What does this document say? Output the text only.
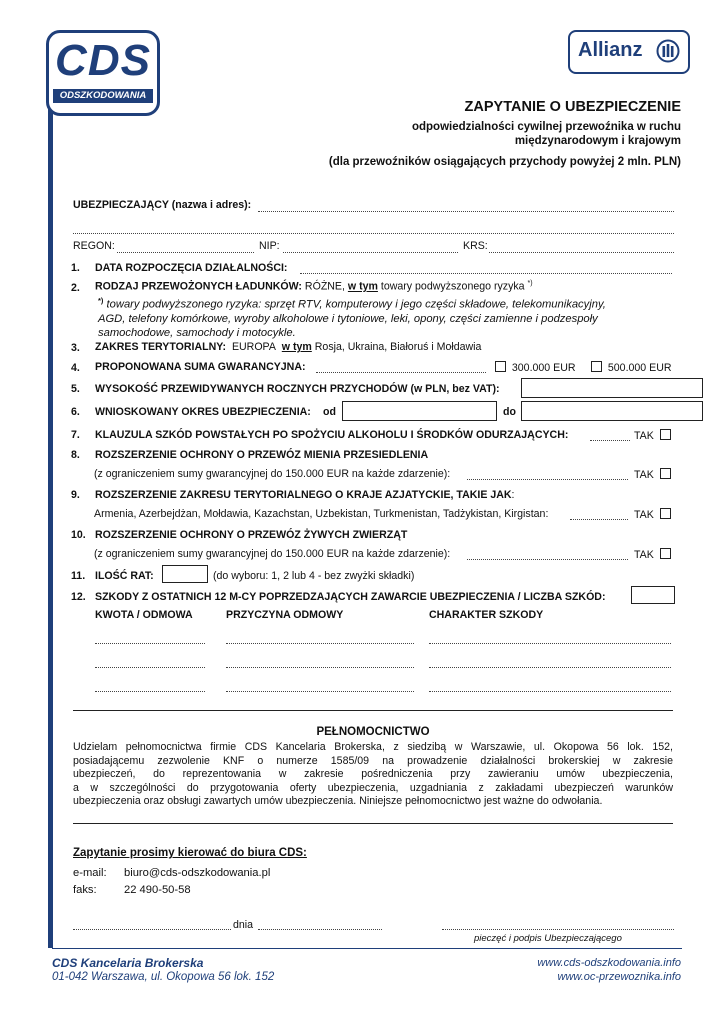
CDS
ODSZKODOWANIA
Allianz
ZAPYTANIE O UBEZPIECZENIE
odpowiedzialności cywilnej przewoźnika w ruchu
międzynarodowym i krajowym
(dla przewoźników osiągających przychody powyżej 2 mln. PLN)
UBEZPIECZAJĄCY (nazwa i adres):
REGON:	NIP:	KRS:
1. DATA ROZPOCZĘCIA DZIAŁALNOŚCI:
2. RODZAJ PRZEWOŻONYCH ŁADUNKÓW: RÓŻNE, w tym towary podwyższonego ryzyka *)
*) towary podwyższonego ryzyka: sprzęt RTV, komputerowy i jego części składowe, telekomunikacyjny,
AGD, telefony komórkowe, wyroby alkoholowe i tytoniowe, leki, opony, części zamienne i podzespoły
samochodowe, samochody i motocykle.
3. ZAKRES TERYTORIALNY: EUROPA w tym Rosja, Ukraina, Białoruś i Mołdawia
4. PROPONOWANA SUMA GWARANCYJNA:	300.000 EUR	500.000 EUR
5. WYSOKOŚĆ PRZEWIDYWANYCH ROCZNYCH PRZYCHODÓW (w PLN, bez VAT):
6. WNIOSKOWANY OKRES UBEZPIECZENIA: od	do
7. KLAUZULA SZKÓD POWSTAŁYCH PO SPOŻYCIU ALKOHOLU I ŚRODKÓW ODURZAJĄCYCH:	TAK
8. ROZSZERZENIE OCHRONY O PRZEWÓZ MIENIA PRZESIEDLENIA
(z ograniczeniem sumy gwarancyjnej do 150.000 EUR na każde zdarzenie):	TAK
9. ROZSZERZENIE ZAKRESU TERYTORIALNEGO O KRAJE AZJATYCKIE, TAKIE JAK:
Armenia, Azerbejdżan, Mołdawia, Kazachstan, Uzbekistan, Turkmenistan, Tadżykistan, Kirgistan:	TAK
10. ROZSZERZENIE OCHRONY O PRZEWÓZ ŻYWYCH ZWIERZĄT
(z ograniczeniem sumy gwarancyjnej do 150.000 EUR na każde zdarzenie):	TAK
11. ILOŚĆ RAT:	(do wyboru: 1, 2 lub 4 - bez zwyżki składki)
12. SZKODY Z OSTATNICH 12 M-CY POPRZEDZAJĄCYCH ZAWARCIE UBEZPIECZENIA / LICZBA SZKÓD:
KWOTA / ODMOWA	PRZYCZYNA ODMOWY	CHARAKTER SZKODY
PEŁNOMOCNICTWO
Udzielam pełnomocnictwa firmie CDS Kancelaria Brokerska, z siedzibą w Warszawie, ul. Okopowa 56 lok. 152,
posiadającemu zezwolenie KNF o numerze 1585/09 na prowadzenie działalności brokerskiej w zakresie
ubezpieczeń, do reprezentowania w zakresie pośredniczenia przy zawieraniu umów ubezpieczenia,
a w szczególności do przygotowania oferty ubezpieczenia, uzgadniania z zakładami ubezpieczeń warunków
ubezpieczenia oraz obsługi zawartych umów ubezpieczenia. Niniejsze pełnomocnictwo jest ważne do odwołania.
Zapytanie prosimy kierować do biura CDS:
e-mail: biuro@cds-odszkodowania.pl
faks: 22 490-50-58
dnia
pieczęć i podpis Ubezpieczającego
CDS Kancelaria Brokerska
01-042 Warszawa, ul. Okopowa 56 lok. 152
www.cds-odszkodowania.info
www.oc-przewoznika.info
